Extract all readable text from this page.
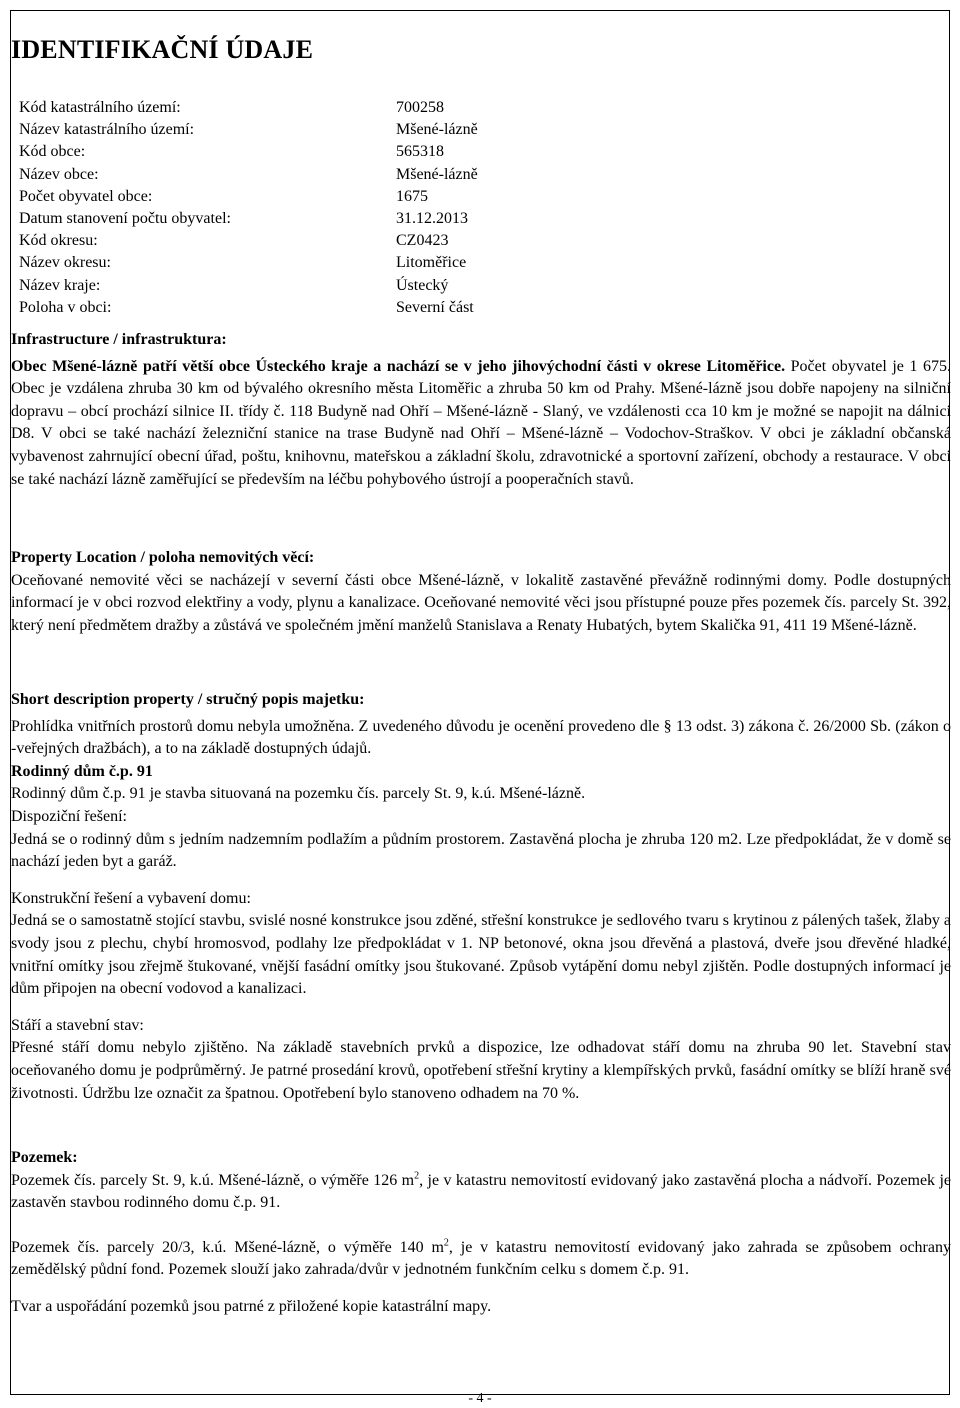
IDENTIFIKAČNÍ ÚDAJE
Kód katastrálního území:	700258
Název katastrálního území:	Mšené-lázně
Kód obce:	565318
Název obce:	Mšené-lázně
Počet obyvatel obce:	1675
Datum stanovení počtu obyvatel:	31.12.2013
Kód okresu:	CZ0423
Název okresu:	Litoměřice
Název kraje:	Ústecký
Poloha v obci:	Severní část

Infrastructure / infrastruktura:

Obec Mšené-lázně patří větší obce Ústeckého kraje a nachází se v jeho jihovýchodní části v okrese Litoměřice. Počet obyvatel je 1 675. Obec je vzdálena zhruba 30 km od bývalého okresního města Litoměřic a zhruba 50 km od Prahy. Mšené-lázně jsou dobře napojeny na silniční dopravu – obcí prochází silnice II. třídy č. 118 Budyně nad Ohří – Mšené-lázně - Slaný, ve vzdálenosti cca 10 km je možné se napojit na dálnici D8. V obci se také nachází železniční stanice na trase Budyně nad Ohří – Mšené-lázně – Vodochov-Straškov. V obci je základní občanská vybavenost zahrnující obecní úřad, poštu, knihovnu, mateřskou a základní školu, zdravotnické a sportovní zařízení, obchody a restaurace. V obci se také nachází lázně zaměřující se především na léčbu pohybového ústrojí a pooperačních stavů.

Property Location / poloha nemovitých věcí:

Oceňované nemovité věci se nacházejí v severní části obce Mšené-lázně, v lokalitě zastavěné převážně rodinnými domy. Podle dostupných informací je v obci rozvod elektřiny a vody, plynu a kanalizace. Oceňované nemovité věci jsou přístupné pouze přes pozemek čís. parcely St. 392, který není předmětem dražby a zůstává ve společném jmění manželů Stanislava a Renaty Hubatých, bytem Skalička 91, 411 19 Mšené-lázně.

Short description property / stručný popis majetku:

Prohlídka vnitřních prostorů domu nebyla umožněna. Z uvedeného důvodu je ocenění provedeno dle § 13 odst. 3) zákona č. 26/2000 Sb. (zákon o -veřejných dražbách), a to na základě dostupných údajů.

Rodinný dům č.p. 91

Rodinný dům č.p. 91 je stavba situovaná na pozemku čís. parcely St. 9, k.ú. Mšené-lázně.

Dispoziční řešení:

Jedná se o rodinný dům s jedním nadzemním podlažím a půdním prostorem. Zastavěná plocha je zhruba 120 m2. Lze předpokládat, že v domě se nachází jeden byt a garáž.

Konstrukční řešení a vybavení domu:

Jedná se o samostatně stojící stavbu, svislé nosné konstrukce jsou zděné, střešní konstrukce je sedlového tvaru s krytinou z pálených tašek, žlaby a svody jsou z plechu, chybí hromosvod, podlahy lze předpokládat v 1. NP betonové, okna jsou dřevěná a plastová, dveře jsou dřevěné hladké, vnitřní omítky jsou zřejmě štukované, vnější fasádní omítky jsou štukované. Způsob vytápění domu nebyl zjištěn. Podle dostupných informací je dům připojen na obecní vodovod a kanalizaci.

Stáří a stavební stav:

Přesné stáří domu nebylo zjištěno. Na základě stavebních prvků a dispozice, lze odhadovat stáří domu na zhruba 90 let. Stavební stav oceňovaného domu je podprůměrný. Je patrné prosedání krovů, opotřebení střešní krytiny a klempířských prvků, fasádní omítky se blíží hraně své životnosti. Údržbu lze označit za špatnou. Opotřebení bylo stanoveno odhadem na 70 %.

Pozemek:

Pozemek čís. parcely St. 9, k.ú. Mšené-lázně, o výměře 126 $m^2$, je v katastru nemovitostí evidovaný jako zastavěná plocha a nádvoří. Pozemek je zastavěn stavbou rodinného domu č.p. 91.

Pozemek čís. parcely 20/3, k.ú. Mšené-lázně, o výměře 140 $m^2$, je v katastru nemovitostí evidovaný jako zahrada se způsobem ochrany zemědělský půdní fond. Pozemek slouží jako zahrada/dvůr v jednotném funkčním celku s domem č.p. 91.

Tvar a uspořádání pozemků jsou patrné z přiložené kopie katastrální mapy.

- 4 -
